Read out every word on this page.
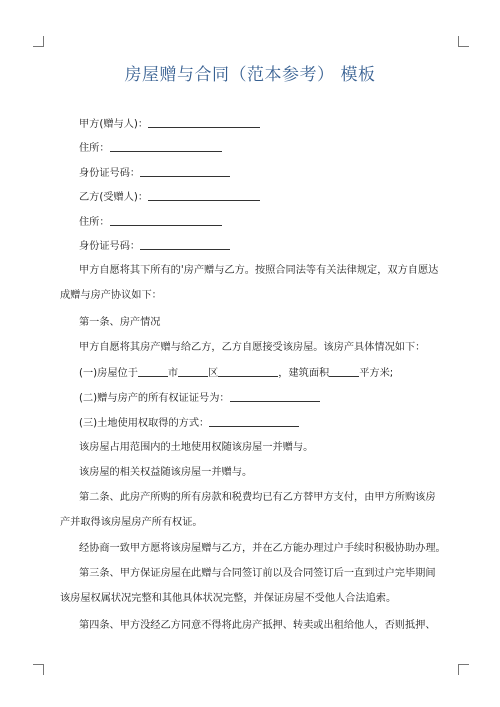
房屋赠与合同（范本参考） 模板
甲方(赠与人)：
住所：
身份证号码：
乙方(受赠人)：
住所：
身份证号码：
甲方自愿将其下所有的'房产赠与乙方。按照合同法等有关法律规定，双方自愿达
成赠与房产协议如下：
第一条、房产情况
甲方自愿将其房产赠与给乙方，乙方自愿接受该房屋。该房产具体情况如下：
(一)房屋位于	市	区	，建筑面积	平方米;
(二)赠与房产的所有权证证号为：
(三)土地使用权取得的方式：
该房屋占用范围内的土地使用权随该房屋一并赠与。
该房屋的相关权益随该房屋一并赠与。
第二条、此房产所购的所有房款和税费均已有乙方替甲方支付，由甲方所购该房
产并取得该房屋房产所有权证。
经协商一致甲方愿将该房屋赠与乙方，并在乙方能办理过户手续时积极协助办理。
第三条、甲方保证房屋在此赠与合同签订前以及合同签订后一直到过户完毕期间
该房屋权属状况完整和其他具体状况完整，并保证房屋不受他人合法追索。
第四条、甲方没经乙方同意不得将此房产抵押、转卖或出租给他人，否则抵押、
